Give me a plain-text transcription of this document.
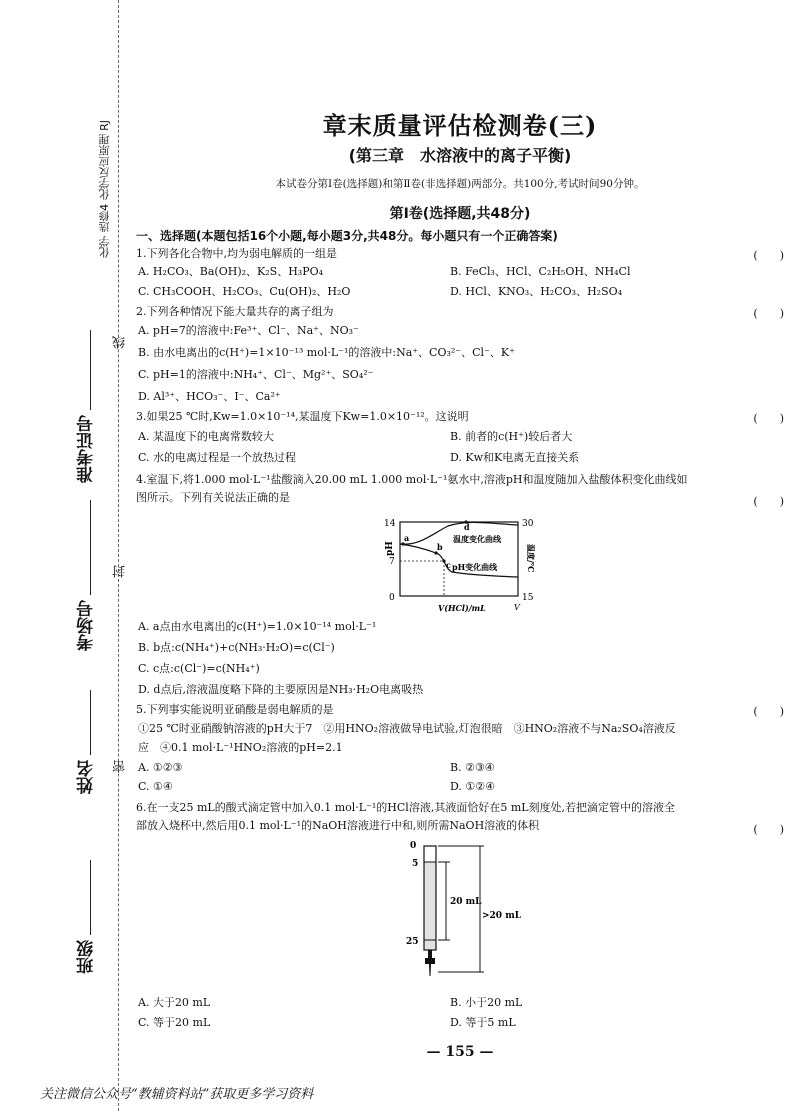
化学 选修4 化学反应原理 RJ
班级
姓名
考场号
准考证号
密
封
线
章末质量评估检测卷(三)
(第三章　水溶液中的离子平衡)
本试卷分第Ⅰ卷(选择题)和第Ⅱ卷(非选择题)两部分。共100分,考试时间90分钟。
第Ⅰ卷(选择题,共48分)
一、选择题(本题包括16个小题,每小题3分,共48分。每小题只有一个正确答案)
1.下列各化合物中,均为弱电解质的一组是	(　　)
A. H₂CO₃、Ba(OH)₂、K₂S、H₃PO₄	B. FeCl₃、HCl、C₂H₅OH、NH₄Cl
C. CH₃COOH、H₂CO₃、Cu(OH)₂、H₂O	D. HCl、KNO₃、H₂CO₃、H₂SO₄
2.下列各种情况下能大量共存的离子组为	(　　)
A. pH=7的溶液中:Fe³⁺、Cl⁻、Na⁺、NO₃⁻
B. 由水电离出的c(H⁺)=1×10⁻¹³ mol·L⁻¹的溶液中:Na⁺、CO₃²⁻、Cl⁻、K⁺
C. pH=1的溶液中:NH₄⁺、Cl⁻、Mg²⁺、SO₄²⁻
D. Al³⁺、HCO₃⁻、I⁻、Ca²⁺
3.如果25 ℃时,Kw=1.0×10⁻¹⁴,某温度下Kw=1.0×10⁻¹²。这说明	(　　)
A. 某温度下的电离常数较大	B. 前者的c(H⁺)较后者大
C. 水的电离过程是一个放热过程	D. Kw和K电离无直接关系
4.室温下,将1.000 mol·L⁻¹盐酸滴入20.00 mL 1.000 mol·L⁻¹氨水中,溶液pH和温度随加入盐酸体积变化曲线如
图所示。下列有关说法正确的是	(　　)
a
b
c
d
温度变化曲线
pH变化曲线
14
7
0
30
15
pH	温度/℃
V(HCl)/mL	V
A. a点由水电离出的c(H⁺)=1.0×10⁻¹⁴ mol·L⁻¹
B. b点:c(NH₄⁺)+c(NH₃·H₂O)=c(Cl⁻)
C. c点:c(Cl⁻)=c(NH₄⁺)
D. d点后,溶液温度略下降的主要原因是NH₃·H₂O电离吸热
5.下列事实能说明亚硝酸是弱电解质的是	(　　)
①25 ℃时亚硝酸钠溶液的pH大于7　②用HNO₂溶液做导电试验,灯泡很暗　③HNO₂溶液不与Na₂SO₄溶液反
应　④0.1 mol·L⁻¹HNO₂溶液的pH=2.1
A. ①②③	B. ②③④
C. ①④	D. ①②④
6.在一支25 mL的酸式滴定管中加入0.1 mol·L⁻¹的HCl溶液,其液面恰好在5 mL刻度处,若把滴定管中的溶液全
部放入烧杯中,然后用0.1 mol·L⁻¹的NaOH溶液进行中和,则所需NaOH溶液的体积	(　　)
0
5
25
20 mL
>20 mL
A. 大于20 mL	B. 小于20 mL
C. 等于20 mL	D. 等于5 mL
— 155 —
关注微信公众号“教辅资料站”获取更多学习资料
